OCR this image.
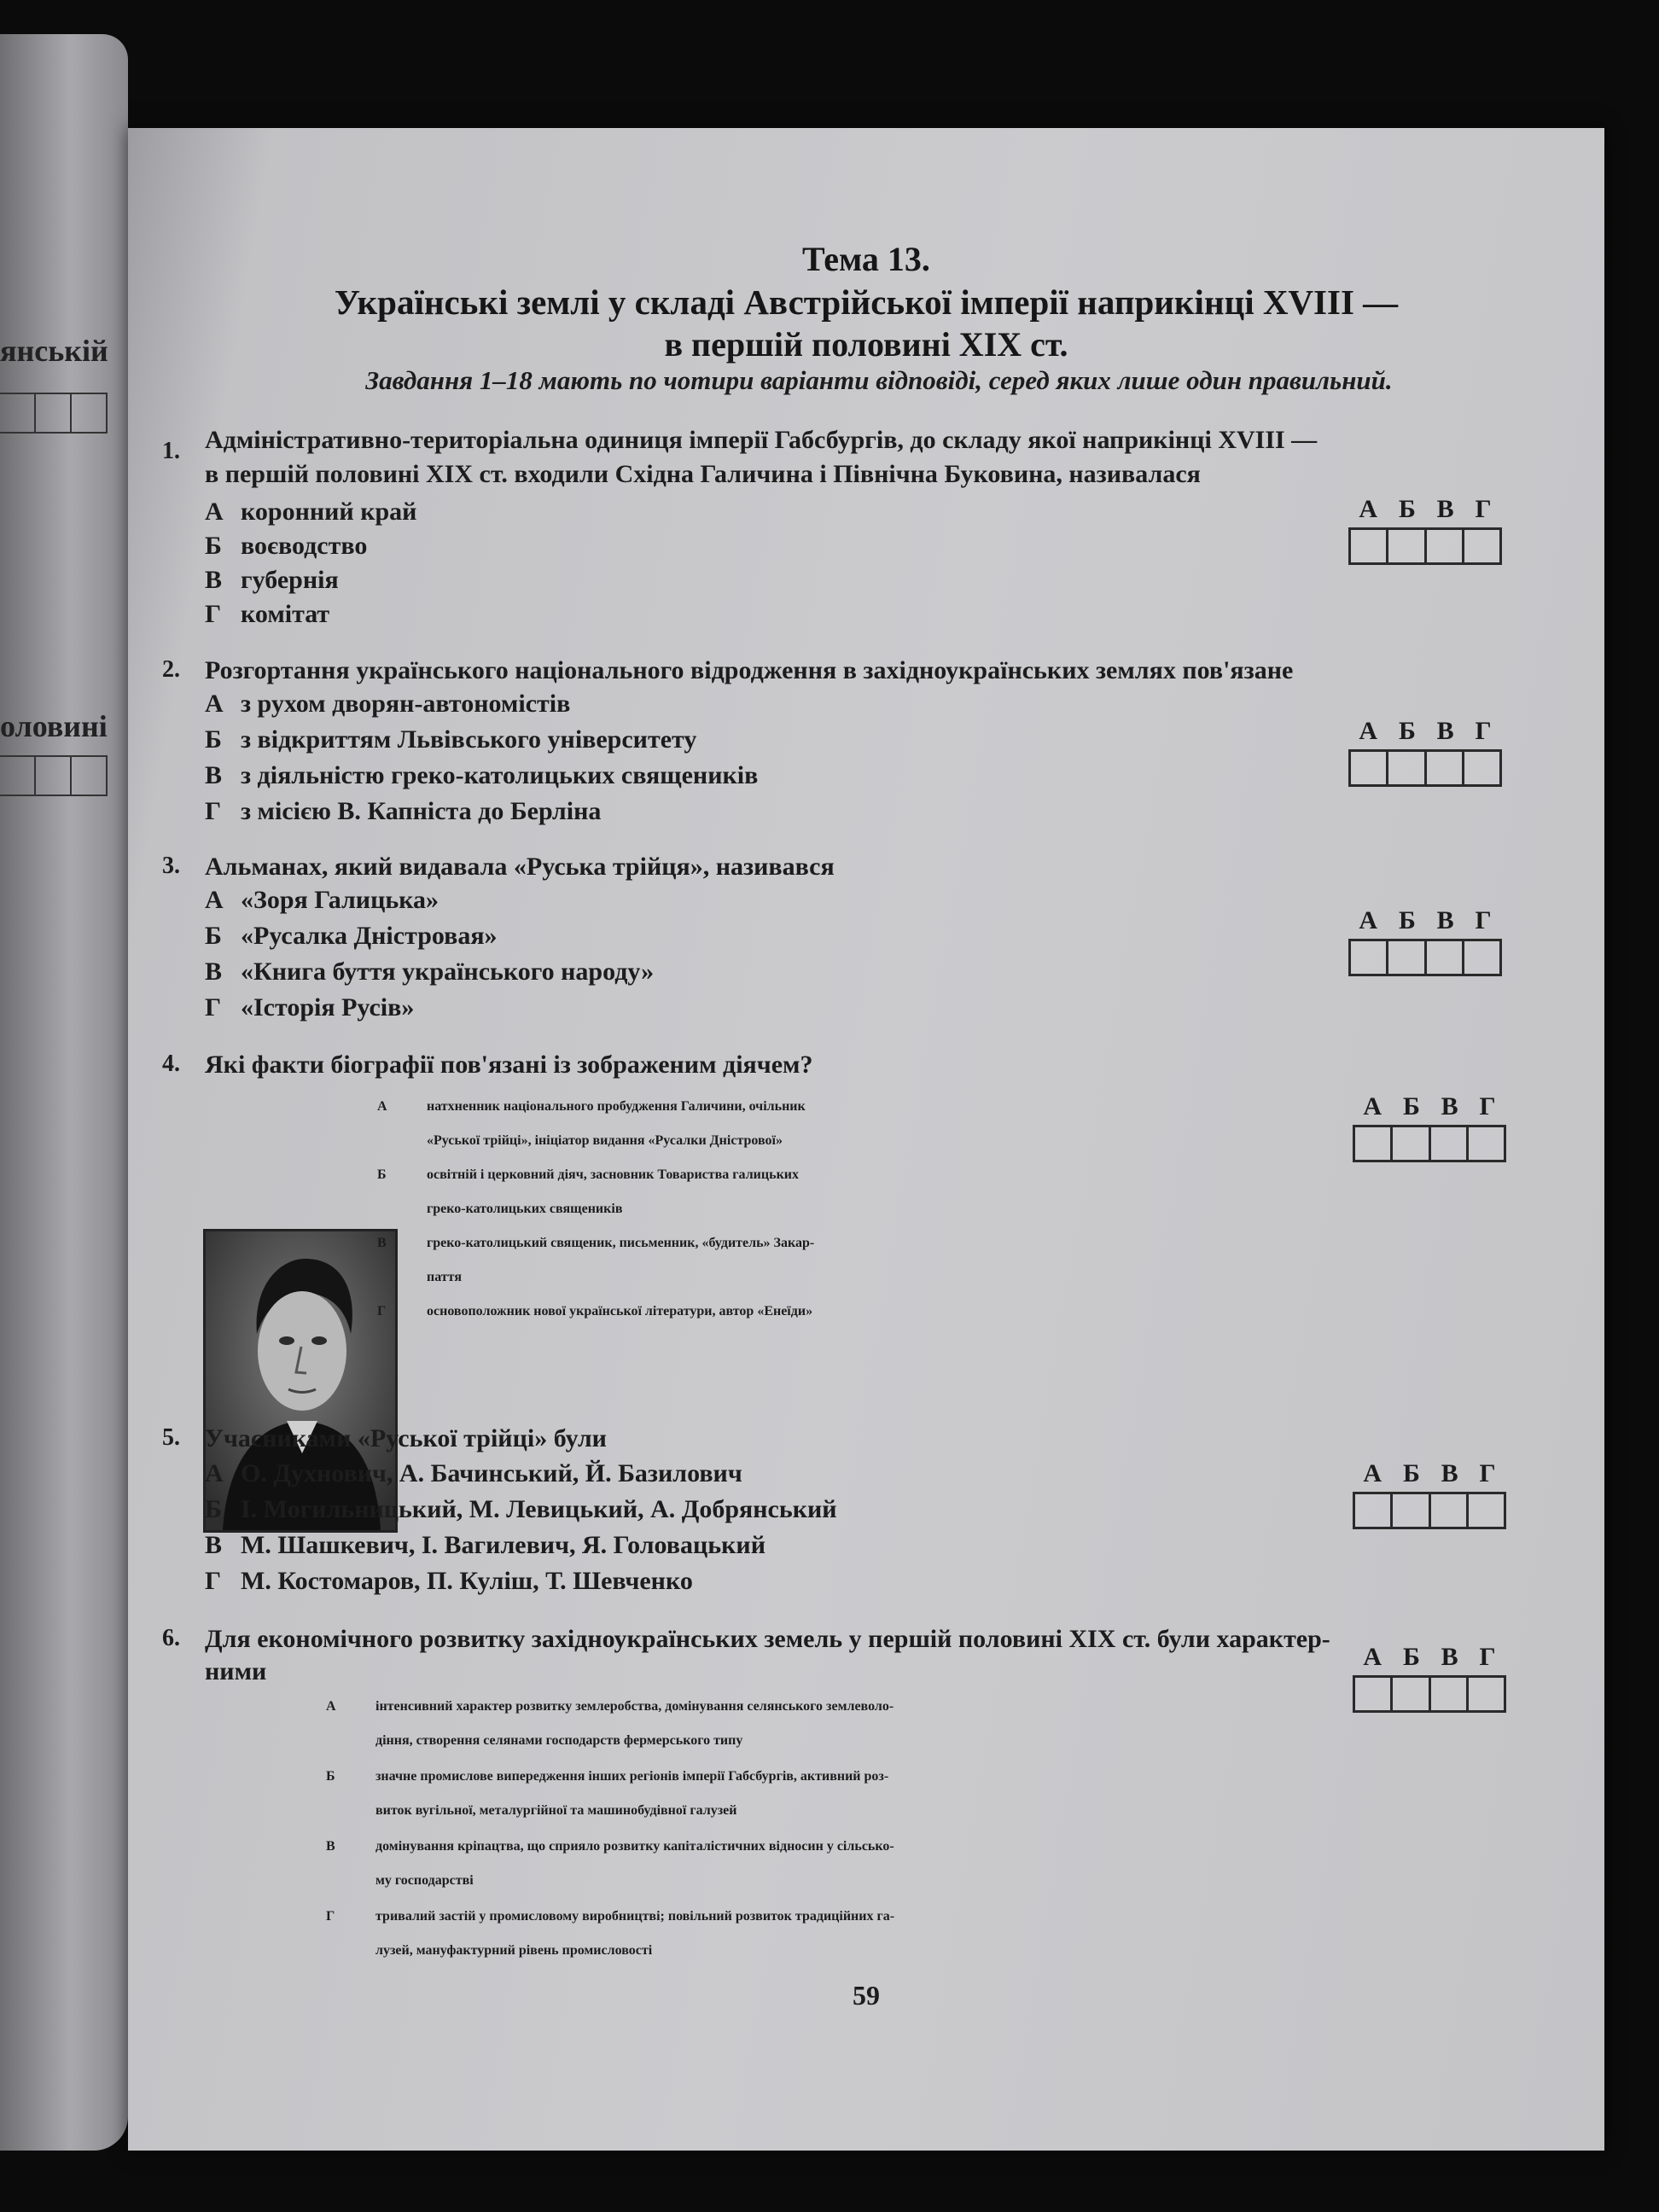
янській
оловині
Тема 13.
Українські землі у складі Австрійської імперії наприкінці XVIII —
в першій половині XIX ст.
Завдання 1–18 мають по чотири варіанти відповіді, серед яких лише один правильний.
1. Адміністративно-територіальна одиниця імперії Габсбургів, до складу якої наприкінці XVIII —
в першій половині XIX ст. входили Східна Галичина і Північна Буковина, називалася
А коронний край
Б воєводство
В губернія
Г комітат
А Б В Г
2. Розгортання українського національного відродження в західноукраїнських землях пов'язане
А з рухом дворян-автономістів
Б з відкриттям Львівського університету
В з діяльністю греко-католицьких священиків
Г з місією В. Капніста до Берліна
А Б В Г
3. Альманах, який видавала «Руська трійця», називався
А «Зоря Галицька»
Б «Русалка Дністровая»
В «Книга буття українського народу»
Г «Історія Русів»
А Б В Г
4. Які факти біографії пов'язані із зображеним діячем?
А	натхненник національного пробудження Галичини, очільник
«Руської трійці», ініціатор видання «Русалки Дністрової»
Б	освітній і церковний діяч, засновник Товариства галицьких
греко-католицьких священиків
В	греко-католицький священик, письменник, «будитель» Закар-
паття
Г	основоположник нової української літератури, автор «Енеїди»
А Б В Г
5. Учасниками «Руської трійці» були
А О. Духнович, А. Бачинський, Й. Базилович
Б І. Могильницький, М. Левицький, А. Добрянський
В М. Шашкевич, І. Вагилевич, Я. Головацький
Г М. Костомаров, П. Куліш, Т. Шевченко
А Б В Г
6. Для економічного розвитку західноукраїнських земель у першій половині XIX ст. були характер-
ними
А	інтенсивний характер розвитку землеробства, домінування селянського землеволо-
діння, створення селянами господарств фермерського типу
Б	значне промислове випередження інших регіонів імперії Габсбургів, активний роз-
виток вугільної, металургійної та машинобудівної галузей
В	домінування кріпацтва, що сприяло розвитку капіталістичних відносин у сільсько-
му господарстві
Г	тривалий застій у промисловому виробництві; повільний розвиток традиційних га-
лузей, мануфактурний рівень промисловості
А Б В Г
59
